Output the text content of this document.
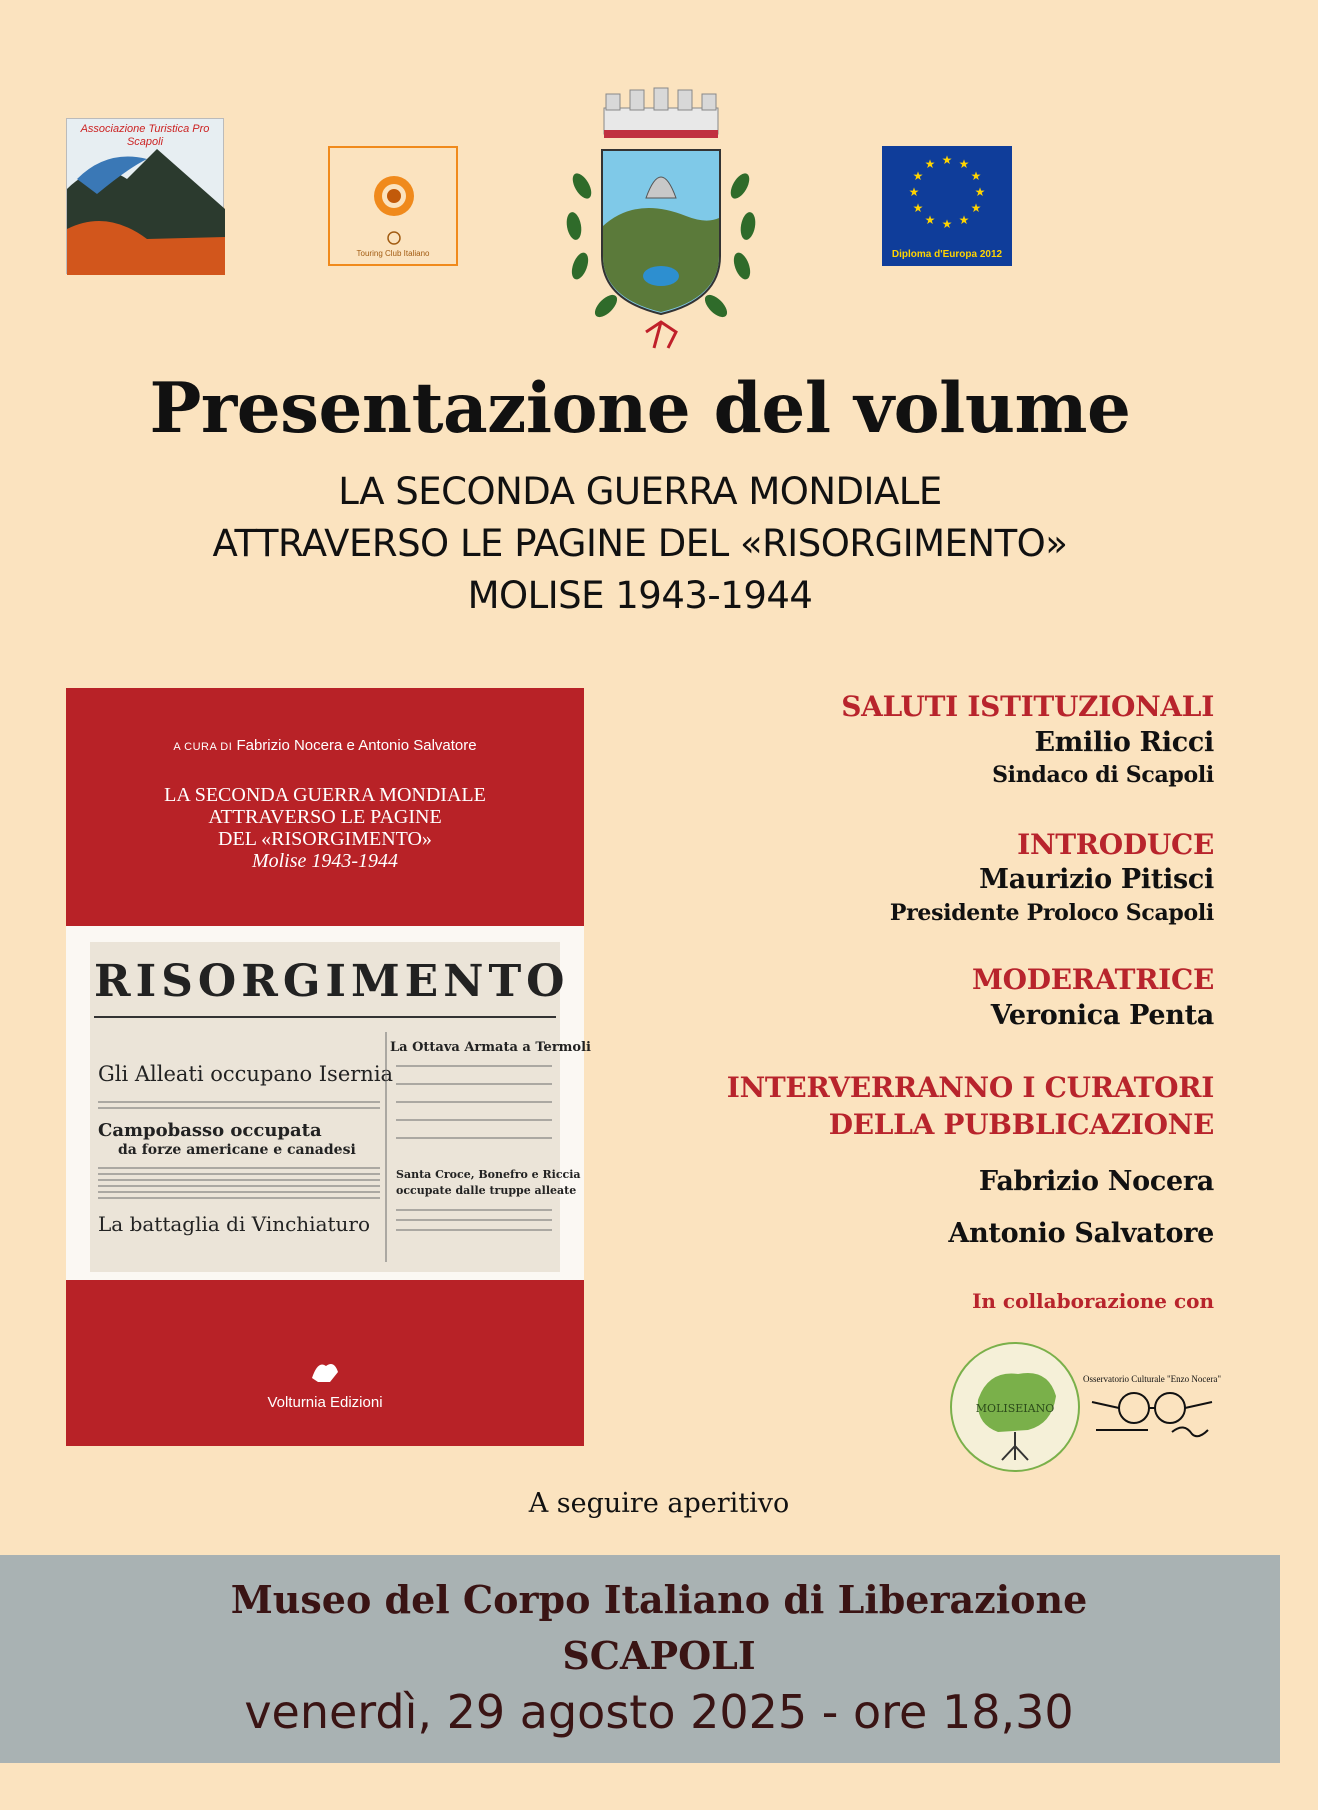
Associazione Turistica Pro Scapoli
Touring Club Italiano
★ ★
★
★
★
★
★
★
★
★
★
★
Diploma d'Europa 2012
Presentazione del volume
LA SECONDA GUERRA MONDIALE
ATTRAVERSO LE PAGINE DEL «RISORGIMENTO»
MOLISE 1943-1944
A CURA DI Fabrizio Nocera e Antonio Salvatore
LA SECONDA GUERRA MONDIALE
ATTRAVERSO LE PAGINE
DEL «RISORGIMENTO»
Molise 1943-1944
RISORGIMENTO
Gli Alleati occupano Isernia
Campobasso occupata
da forze americane e canadesi
La battaglia di Vinchiaturo
La Ottava Armata a Termoli
Santa Croce, Bonefro e Riccia
occupate dalle truppe alleate
Volturnia Edizioni
SALUTI ISTITUZIONALI
Emilio Ricci
Sindaco di Scapoli
INTRODUCE
Maurizio Pitisci
Presidente Proloco Scapoli
MODERATRICE
Veronica Penta
INTERVERRANNO I CURATORI
DELLA PUBBLICAZIONE
Fabrizio Nocera
Antonio Salvatore
In collaborazione con
MOLISEIANO
Osservatorio Culturale "Enzo Nocera"
A seguire aperitivo
Museo del Corpo Italiano di Liberazione
SCAPOLI
venerdì, 29 agosto 2025 - ore 18,30
